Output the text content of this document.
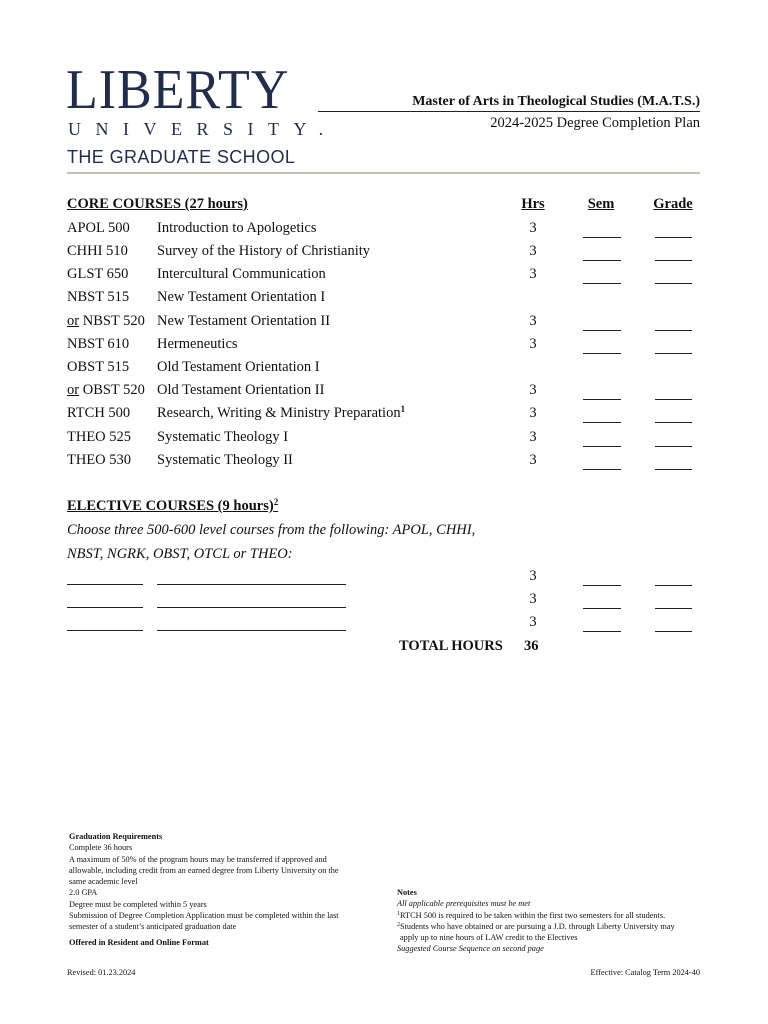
LIBERTY
UNIVERSITY.
THE GRADUATE SCHOOL
Master of Arts in Theological Studies (M.A.T.S.)
2024-2025 Degree Completion Plan
CORE COURSES (27 hours)	Hrs	Sem	Grade
APOL 500 Introduction to Apologetics	3
CHHI 510 Survey of the History of Christianity	3
GLST 650 Intercultural Communication	3
NBST 515 New Testament Orientation I
or NBST 520 New Testament Orientation II	3
NBST 610 Hermeneutics	3
OBST 515 Old Testament Orientation I
or OBST 520 Old Testament Orientation II	3
RTCH 500 Research, Writing & Ministry Preparation$^1$	3
THEO 525 Systematic Theology I	3
THEO 530 Systematic Theology II	3
ELECTIVE COURSES (9 hours)$^2$
Choose three 500-600 level courses from the following: APOL, CHHI,
NBST, NGRK, OBST, OTCL or THEO:
3
3
3
TOTAL HOURS 36
Graduation Requirements
Complete 36 hours
A maximum of 50% of the program hours may be transferred if approved and
allowable, including credit from an earned degree from Liberty University on the
same academic level
2.0 GPA
Degree must be completed within 5 years
Submission of Degree Completion Application must be completed within the last
semester of a student’s anticipated graduation date
Offered in Resident and Online Format
Notes
All applicable prerequisites must be met
$^1$RTCH 500 is required to be taken within the first two semesters for all students.
$^2$Students who have obtained or are pursuing a J.D. through Liberty University may
apply up to nine hours of LAW credit to the Electives
Suggested Course Sequence on second page
Revised: 01.23.2024	Effective: Catalog Term 2024-40
